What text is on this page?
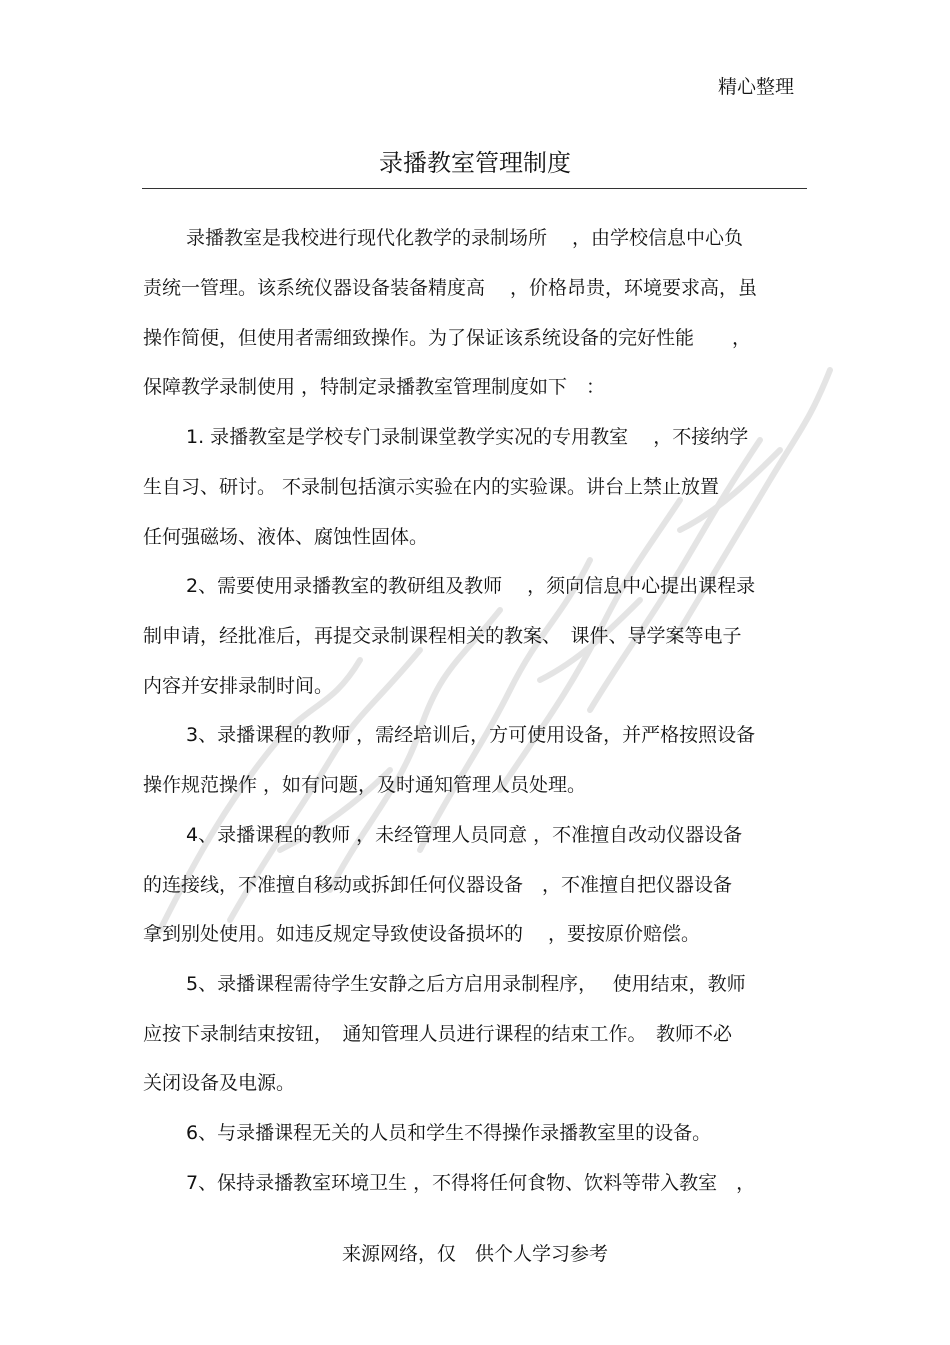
精心整理
录播教室管理制度
录播教室是我校进行现代化教学的录制场所　 ，由学校信息中心负
责统一管理。该系统仪器设备装备精度高　 ，价格昂贵，环境要求高，虽
操作简便，但使用者需细致操作。为了保证该系统设备的完好性能　　，
保障教学录制使用 ，特制定录播教室管理制度如下　：
1. 录播教室是学校专门录制课堂教学实况的专用教室　 ，不接纳学
生自习、研讨。 不录制包括演示实验在内的实验课。讲台上禁止放置
任何强磁场、液体、腐蚀性固体。
2、需要使用录播教室的教研组及教师　 ，须向信息中心提出课程录
制申请，经批准后，再提交录制课程相关的教案、　课件、导学案等电子
内容并安排录制时间。
3、录播课程的教师 ，需经培训后，方可使用设备，并严格按照设备
操作规范操作 ，如有问题，及时通知管理人员处理。
4、录播课程的教师 ，未经管理人员同意 ，不准擅自改动仪器设备
的连接线，不准擅自移动或拆卸任何仪器设备　，不准擅自把仪器设备
拿到别处使用。如违反规定导致使设备损坏的　 ，要按原价赔偿。
5、录播课程需待学生安静之后方启用录制程序，　 使用结束，教师
应按下录制结束按钮，　通知管理人员进行课程的结束工作。　教师不必
关闭设备及电源。
6、与录播课程无关的人员和学生不得操作录播教室里的设备。
7、保持录播教室环境卫生 ，不得将任何食物、饮料等带入教室　，
来源网络，仅　供个人学习参考
